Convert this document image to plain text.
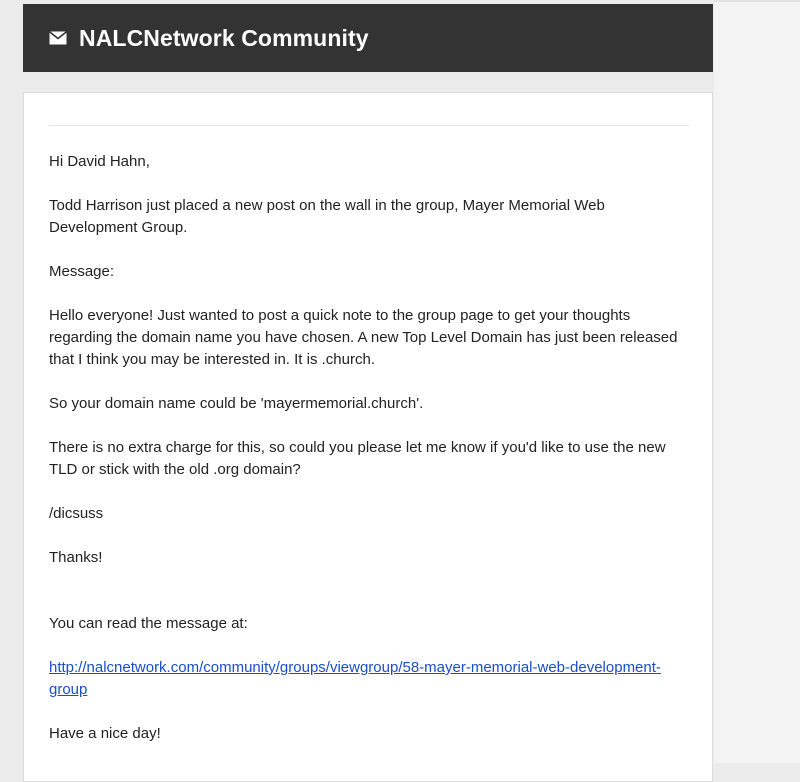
NALCNetwork Community

Hi David Hahn,

Todd Harrison just placed a new post on the wall in the group, Mayer Memorial Web Development Group.

Message:

Hello everyone! Just wanted to post a quick note to the group page to get your thoughts regarding the domain name you have chosen. A new Top Level Domain has just been released that I think you may be interested in. It is .church.

So your domain name could be 'mayermemorial.church'.

There is no extra charge for this, so could you please let me know if you'd like to use the new TLD or stick with the old .org domain?

/dicsuss

Thanks!

You can read the message at:

http://nalcnetwork.com/community/groups/viewgroup/58-mayer-memorial-web-development-group

Have a nice day!
